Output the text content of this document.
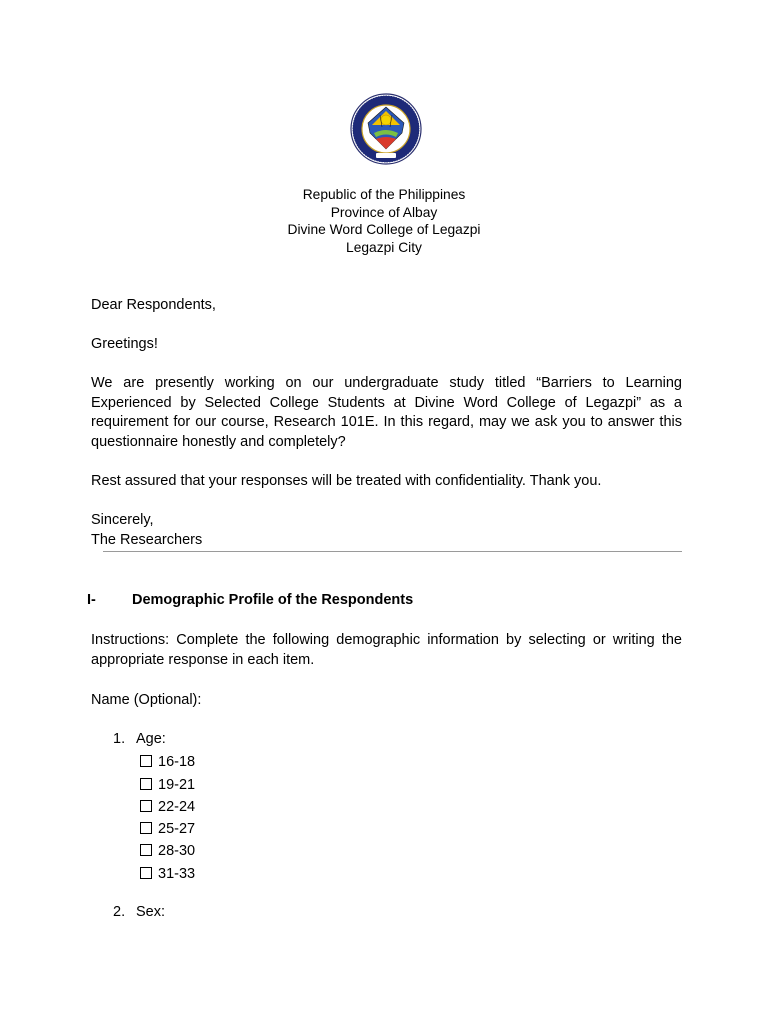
Republic of the Philippines
Province of Albay
Divine Word College of Legazpi
Legazpi City
Dear Respondents,
Greetings!
We are presently working on our undergraduate study titled “Barriers to Learning Experienced by Selected College Students at Divine Word College of Legazpi” as a requirement for our course, Research 101E. In this regard, may we ask you to answer this questionnaire honestly and completely?
Rest assured that your responses will be treated with confidentiality. Thank you.
Sincerely,
The Researchers
I- Demographic Profile of the Respondents
Instructions: Complete the following demographic information by selecting or writing the appropriate response in each item.
Name (Optional):
1. Age:
16-18
19-21
22-24
25-27
28-30
31-33
2. Sex:
